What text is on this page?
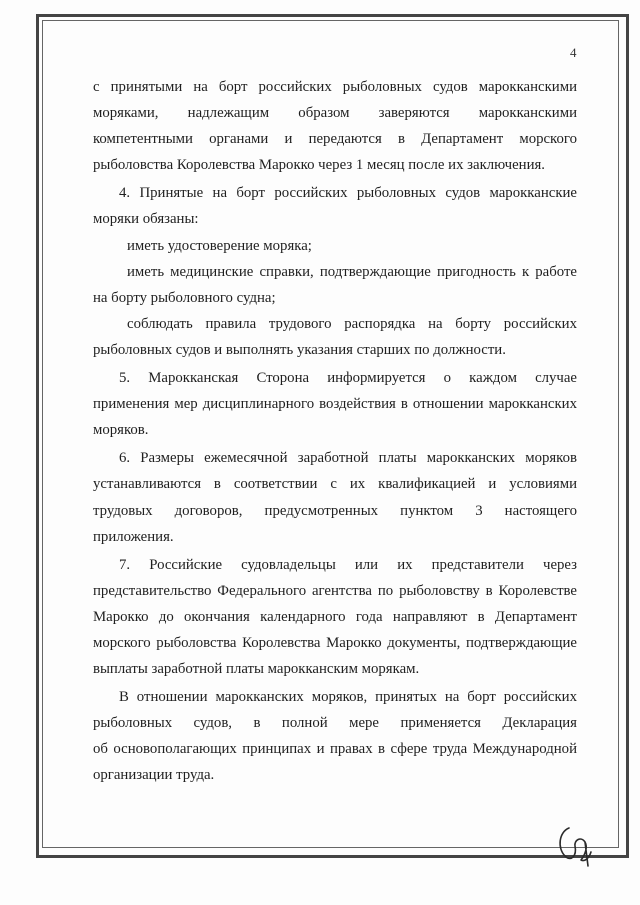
4

с принятыми на борт российских рыболовных судов марокканскими

моряками, надлежащим образом заверяются марокканскими

компетентными органами и передаются в Департамент морского

рыболовства Королевства Марокко через 1 месяц после их заключения.

4. Принятые на борт российских рыболовных судов марокканские

моряки обязаны:

иметь удостоверение моряка;

иметь медицинские справки, подтверждающие пригодность к работе

на борту рыболовного судна;

соблюдать правила трудового распорядка на борту российских

рыболовных судов и выполнять указания старших по должности.

5. Марокканская Сторона информируется о каждом случае

применения мер дисциплинарного воздействия в отношении марокканских

моряков.

6. Размеры ежемесячной заработной платы марокканских моряков

устанавливаются в соответствии с их квалификацией и условиями

трудовых договоров, предусмотренных пунктом 3 настоящего

приложения.

7. Российские судовладельцы или их представители через

представительство Федерального агентства по рыболовству в Королевстве

Марокко до окончания календарного года направляют в Департамент

морского рыболовства Королевства Марокко документы, подтверждающие

выплаты заработной платы марокканским морякам.

В отношении марокканских моряков, принятых на борт российских

рыболовных судов, в полной мере применяется Декларация

об основополагающих принципах и правах в сфере труда Международной

организации труда.
